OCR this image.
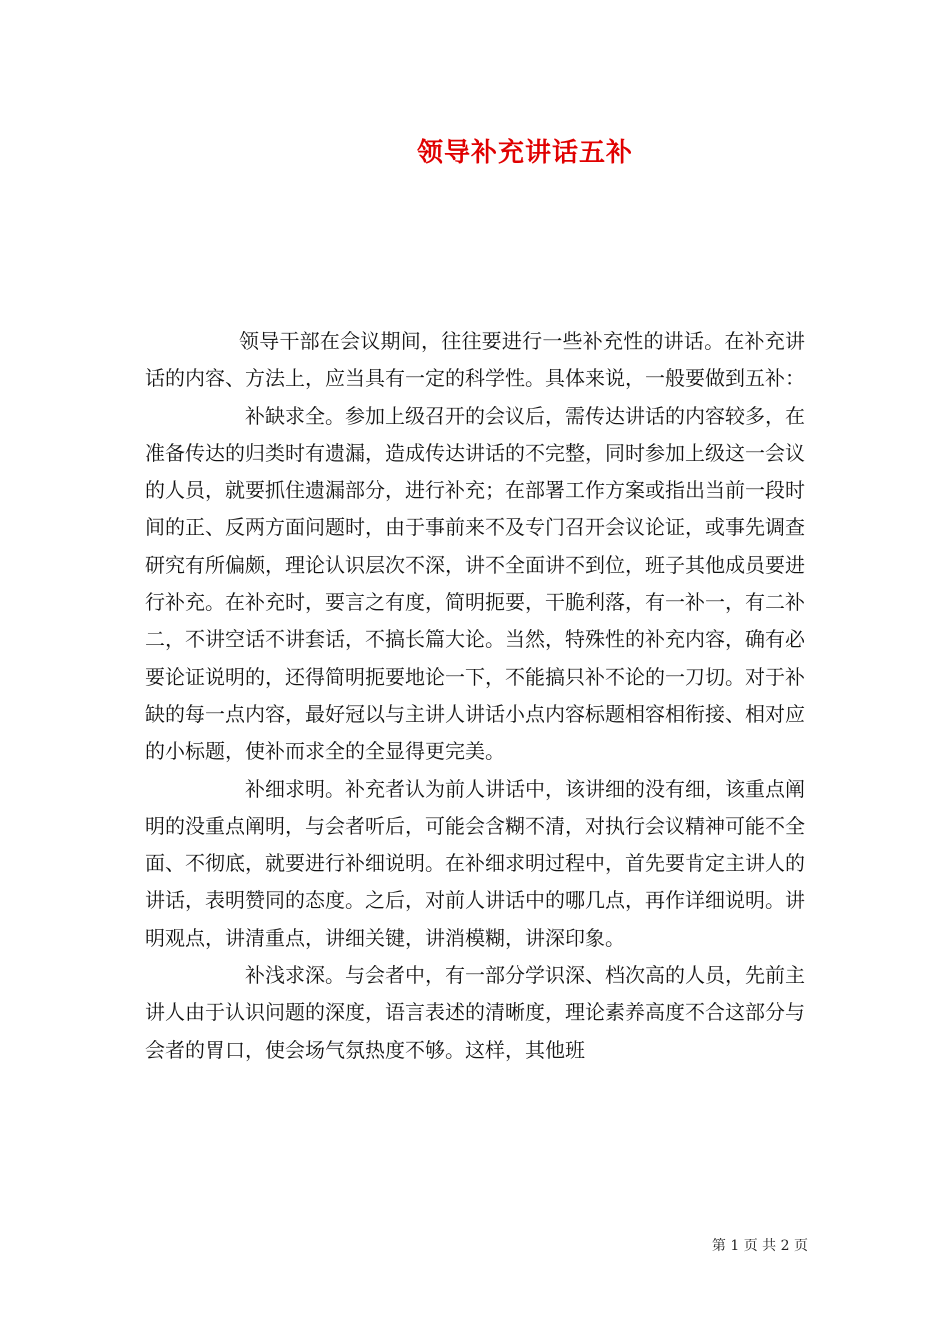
领导补充讲话五补

领导干部在会议期间，往往要进行一些补充性的讲话。在补充讲话的内容、方法上，应当具有一定的科学性。具体来说，一般要做到五补：

补缺求全。参加上级召开的会议后，需传达讲话的内容较多，在准备传达的归类时有遗漏，造成传达讲话的不完整，同时参加上级这一会议的人员，就要抓住遗漏部分，进行补充；在部署工作方案或指出当前一段时间的正、反两方面问题时，由于事前来不及专门召开会议论证，或事先调查研究有所偏颇，理论认识层次不深，讲不全面讲不到位，班子其他成员要进行补充。在补充时，要言之有度，简明扼要，干脆利落，有一补一，有二补二，不讲空话不讲套话，不搞长篇大论。当然，特殊性的补充内容，确有必要论证说明的，还得简明扼要地论一下，不能搞只补不论的一刀切。对于补缺的每一点内容，最好冠以与主讲人讲话小点内容标题相容相衔接、相对应的小标题，使补而求全的全显得更完美。

补细求明。补充者认为前人讲话中，该讲细的没有细，该重点阐明的没重点阐明，与会者听后，可能会含糊不清，对执行会议精神可能不全面、不彻底，就要进行补细说明。在补细求明过程中，首先要肯定主讲人的讲话，表明赞同的态度。之后，对前人讲话中的哪几点，再作详细说明。讲明观点，讲清重点，讲细关键，讲消模糊，讲深印象。

补浅求深。与会者中，有一部分学识深、档次高的人员，先前主讲人由于认识问题的深度，语言表述的清晰度，理论素养高度不合这部分与会者的胃口，使会场气氛热度不够。这样，其他班

第 1 页 共 2 页
